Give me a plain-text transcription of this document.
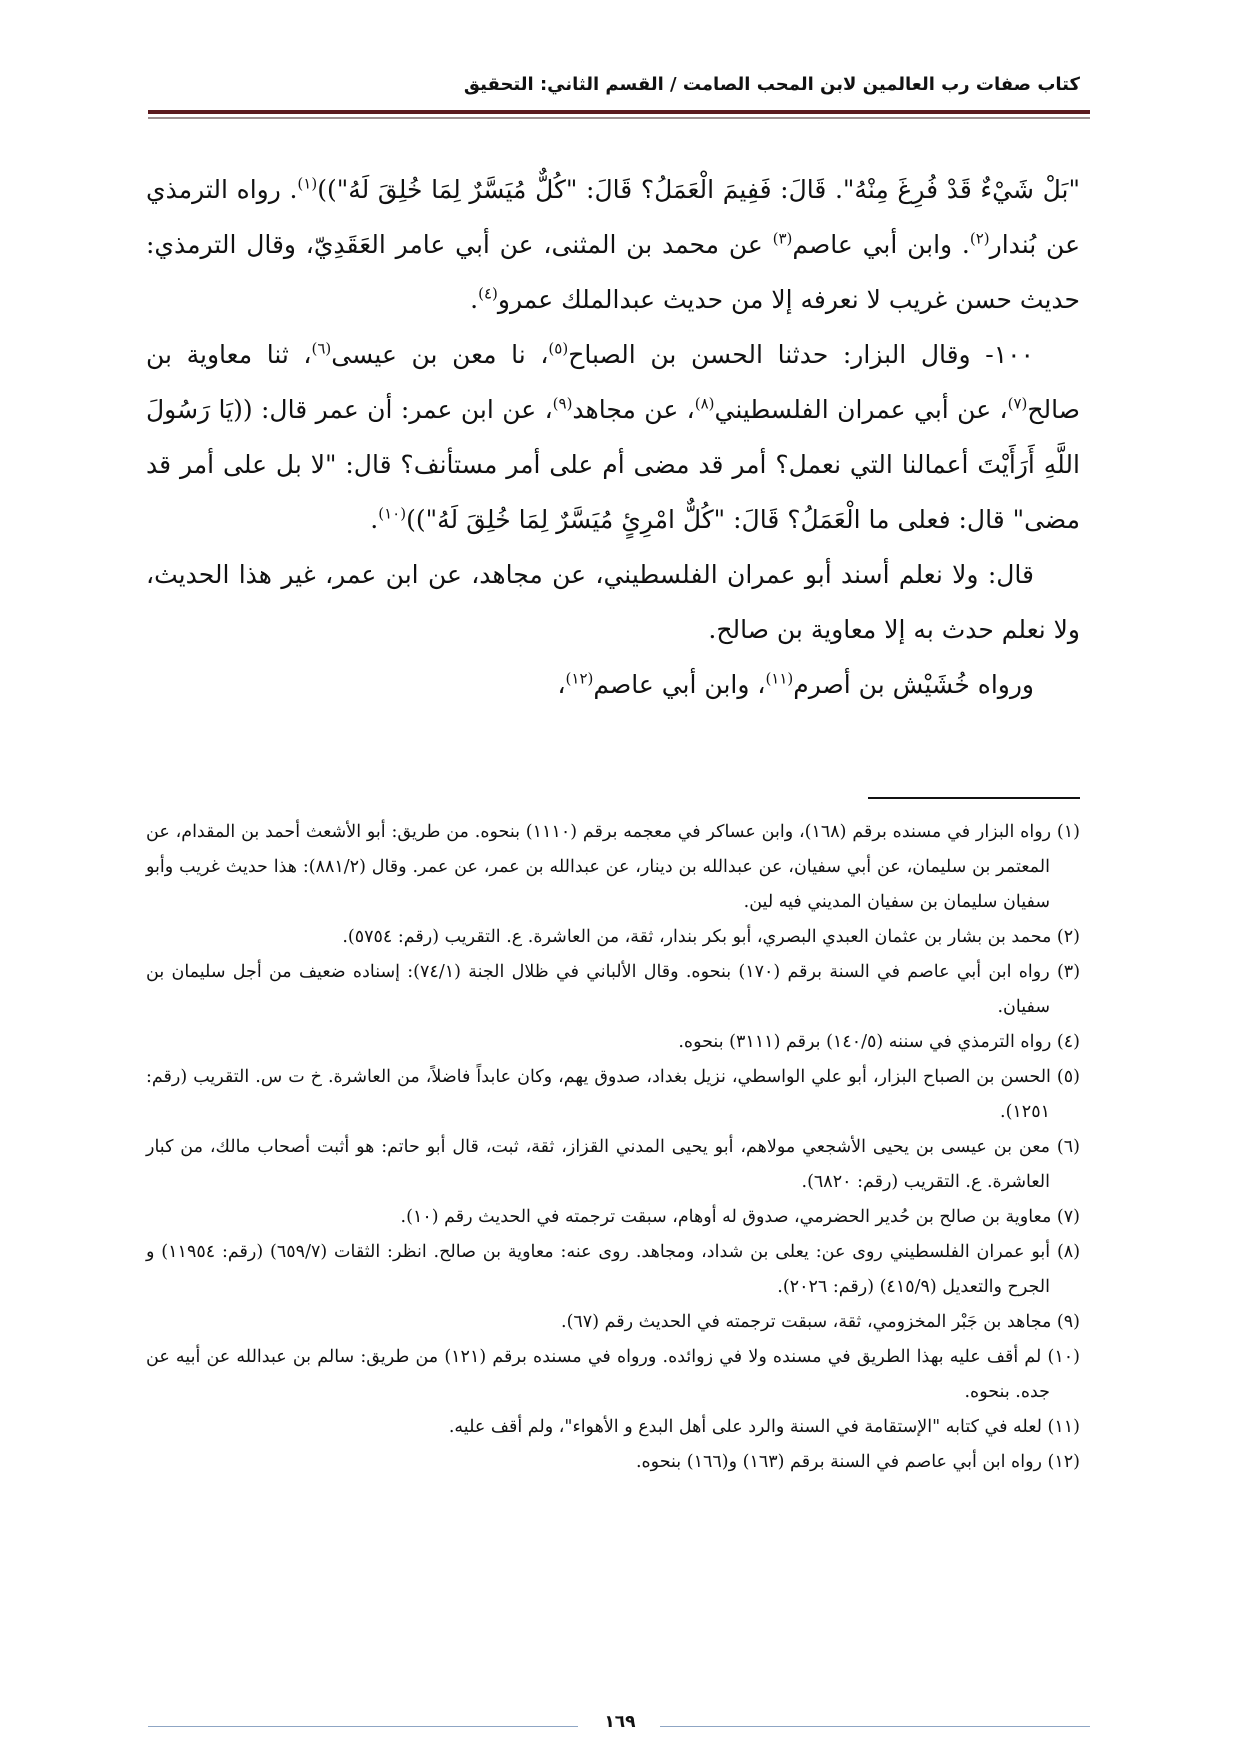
كتاب صفات رب العالمين لابن المحب الصامت / القسم الثاني: التحقيق

"بَلْ شَيْءٌ قَدْ فُرِغَ مِنْهُ". قَالَ: فَفِيمَ الْعَمَلُ؟ قَالَ: "كُلٌّ مُيَسَّرٌ لِمَا خُلِقَ لَهُ"))$^{(١)}$. رواه الترمذي عن بُندار$^{(٢)}$. وابن أبي عاصم$^{(٣)}$ عن محمد بن المثنى، عن أبي عامر العَقَدِيّ، وقال الترمذي: حديث حسن غريب لا نعرفه إلا من حديث عبدالملك عمرو$^{(٤)}$.

١٠٠- وقال البزار: حدثنا الحسن بن الصباح$^{(٥)}$، نا معن بن عيسى$^{(٦)}$، ثنا معاوية بن صالح$^{(٧)}$، عن أبي عمران الفلسطيني$^{(٨)}$، عن مجاهد$^{(٩)}$، عن ابن عمر: أن عمر قال: ((يَا رَسُولَ اللَّهِ أَرَأَيْتَ أعمالنا التي نعمل؟ أمر قد مضى أم على أمر مستأنف؟ قال: "لا بل على أمر قد مضى" قال: فعلى ما الْعَمَلُ؟ قَالَ: "كُلٌّ امْرِئٍ مُيَسَّرٌ لِمَا خُلِقَ لَهُ"))$^{(١٠)}$.

قال: ولا نعلم أسند أبو عمران الفلسطيني، عن مجاهد، عن ابن عمر، غير هذا الحديث، ولا نعلم حدث به إلا معاوية بن صالح.

ورواه خُشَيْش بن أصرم$^{(١١)}$، وابن أبي عاصم$^{(١٢)}$،

(١) رواه البزار في مسنده برقم (١٦٨)، وابن عساكر في معجمه برقم (١١١٠) بنحوه. من طريق: أبو الأشعث أحمد بن المقدام، عن المعتمر بن سليمان، عن أبي سفيان، عن عبدالله بن دينار، عن عبدالله بن عمر، عن عمر. وقال (٨٨١/٢): هذا حديث غريب وأبو سفيان سليمان بن سفيان المديني فيه لين.

(٢) محمد بن بشار بن عثمان العبدي البصري، أبو بكر بندار، ثقة، من العاشرة. ع. التقريب (رقم: ٥٧٥٤).

(٣) رواه ابن أبي عاصم في السنة برقم (١٧٠) بنحوه. وقال الألباني في ظلال الجنة (٧٤/١): إسناده ضعيف من أجل سليمان بن سفيان.

(٤) رواه الترمذي في سننه (١٤٠/٥) برقم (٣١١١) بنحوه.

(٥) الحسن بن الصباح البزار، أبو علي الواسطي، نزيل بغداد، صدوق يهم، وكان عابداً فاضلاً، من العاشرة. خ ت س. التقريب (رقم: ١٢٥١).

(٦) معن بن عيسى بن يحيى الأشجعي مولاهم، أبو يحيى المدني القزاز، ثقة، ثبت، قال أبو حاتم: هو أثبت أصحاب مالك، من كبار العاشرة. ع. التقريب (رقم: ٦٨٢٠).

(٧) معاوية بن صالح بن حُدير الحضرمي، صدوق له أوهام، سبقت ترجمته في الحديث رقم (١٠).

(٨) أبو عمران الفلسطيني روى عن: يعلى بن شداد، ومجاهد. روى عنه: معاوية بن صالح. انظر: الثقات (٦٥٩/٧) (رقم: ١١٩٥٤) و الجرح والتعديل (٤١٥/٩) (رقم: ٢٠٢٦).

(٩) مجاهد بن جَبْر المخزومي، ثقة، سبقت ترجمته في الحديث رقم (٦٧).

(١٠) لم أقف عليه بهذا الطريق في مسنده ولا في زوائده. ورواه في مسنده برقم (١٢١) من طريق: سالم بن عبدالله عن أبيه عن جده. بنحوه.

(١١) لعله في كتابه "الإستقامة في السنة والرد على أهل البدع و الأهواء"، ولم أقف عليه.

(١٢) رواه ابن أبي عاصم في السنة برقم (١٦٣) و(١٦٦) بنحوه.

١٦٩
